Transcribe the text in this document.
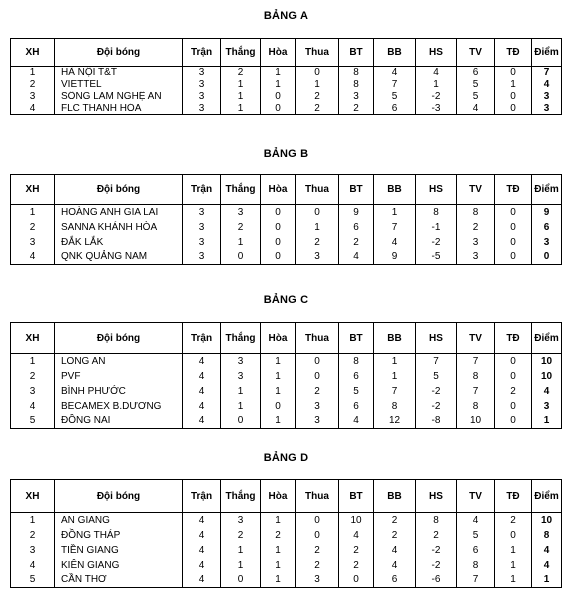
BẢNG A
XH	Đội bóng	Trận	Thắng	Hòa	Thua	BT	BB	HS	TV	TĐ	Điểm
1	HÀ NỘI T&T	3	2	1	0	8	4	4	6	0	7
2	VIETTEL	3	1	1	1	8	7	1	5	1	4
3	SÔNG LAM NGHỆ AN	3	1	0	2	3	5	-2	5	0	3
4	FLC THANH HÓA	3	1	0	2	2	6	-3	4	0	3
BẢNG B
XH	Đội bóng	Trận	Thắng	Hòa	Thua	BT	BB	HS	TV	TĐ	Điểm
1	HOÀNG ANH GIA LAI	3	3	0	0	9	1	8	8	0	9
2	SANNA KHÁNH HÒA	3	2	0	1	6	7	-1	2	0	6
3	ĐẮK LẮK	3	1	0	2	2	4	-2	3	0	3
4	QNK QUẢNG NAM	3	0	0	3	4	9	-5	3	0	0
BẢNG C
XH	Đội bóng	Trận	Thắng	Hòa	Thua	BT	BB	HS	TV	TĐ	Điểm
1	LONG AN	4	3	1	0	8	1	7	7	0	10
2	PVF	4	3	1	0	6	1	5	8	0	10
3	BÌNH PHƯỚC	4	1	1	2	5	7	-2	7	2	4
4	BECAMEX B.DƯƠNG	4	1	0	3	6	8	-2	8	0	3
5	ĐỒNG NAI	4	0	1	3	4	12	-8	10	0	1
BẢNG D
XH	Đội bóng	Trận	Thắng	Hòa	Thua	BT	BB	HS	TV	TĐ	Điểm
1	AN GIANG	4	3	1	0	10	2	8	4	2	10
2	ĐỒNG THÁP	4	2	2	0	4	2	2	5	0	8
3	TIỀN GIANG	4	1	1	2	2	4	-2	6	1	4
4	KIÊN GIANG	4	1	1	2	2	4	-2	8	1	4
5	CẦN THƠ	4	0	1	3	0	6	-6	7	1	1
